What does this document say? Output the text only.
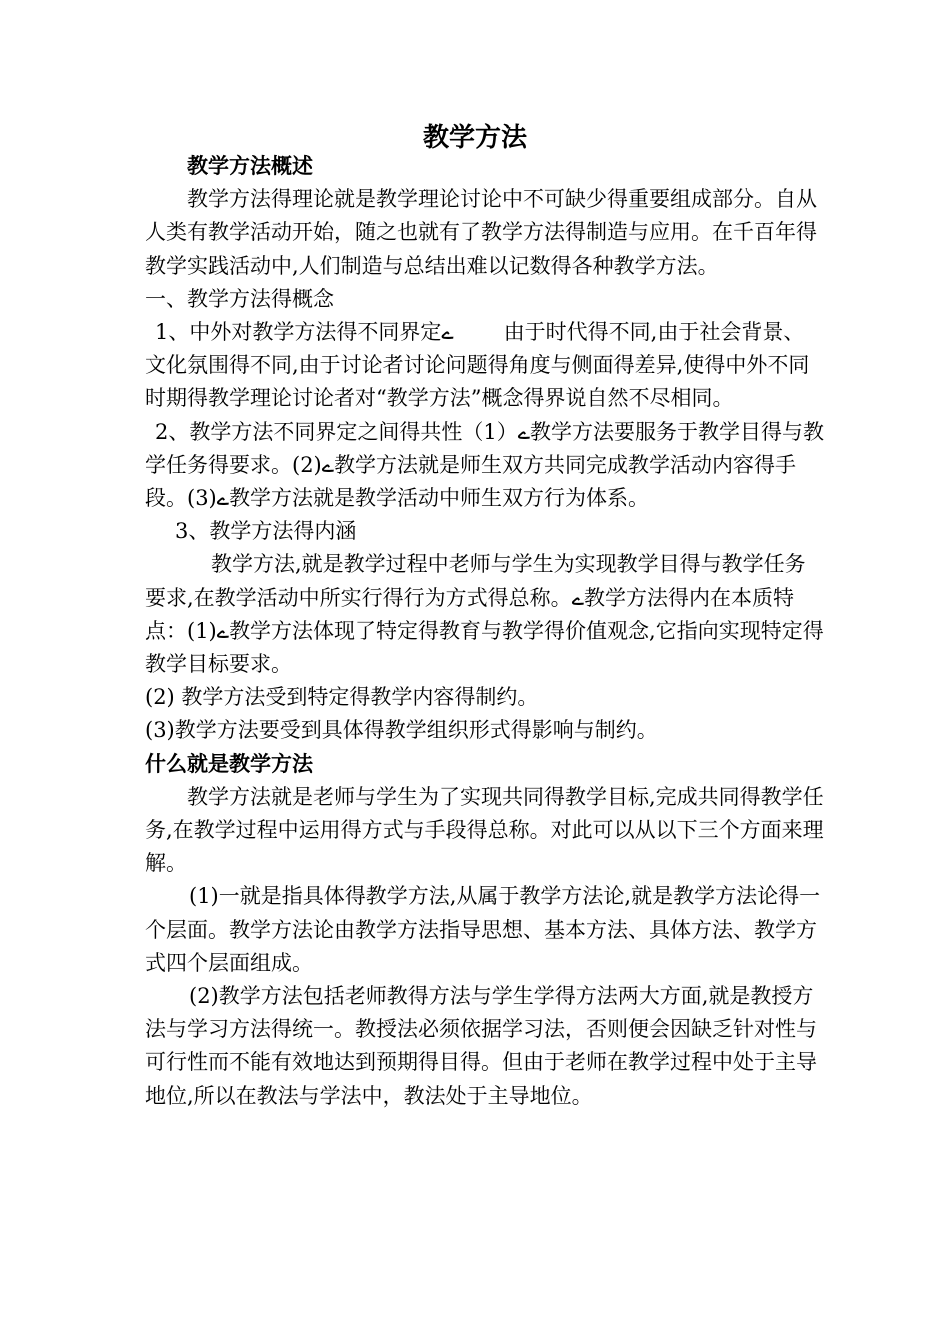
教学方法

教学方法概述

教学方法得理论就是教学理论讨论中不可缺少得重要组成部分。自从人类有教学活动开始，随之也就有了教学方法得制造与应用。在千百年得教学实践活动中,人们制造与总结出难以记数得各种教学方法。

一、教学方法得概念

1、中外对教学方法得不同界定ے 由于时代得不同,由于社会背景、文化氛围得不同,由于讨论者讨论问题得角度与侧面得差异,使得中外不同时期得教学理论讨论者对“教学方法”概念得界说自然不尽相同。

2、教学方法不同界定之间得共性（1）ے教学方法要服务于教学目得与教学任务得要求。(2)ے教学方法就是师生双方共同完成教学活动内容得手段。(3)ے教学方法就是教学活动中师生双方行为体系。

3、教学方法得内涵

教学方法,就是教学过程中老师与学生为实现教学目得与教学任务要求,在教学活动中所实行得行为方式得总称。ے教学方法得内在本质特点：(1)ے教学方法体现了特定得教育与教学得价值观念,它指向实现特定得教学目标要求。

(2) 教学方法受到特定得教学内容得制约。

(3)教学方法要受到具体得教学组织形式得影响与制约。

什么就是教学方法

教学方法就是老师与学生为了实现共同得教学目标,完成共同得教学任务,在教学过程中运用得方式与手段得总称。对此可以从以下三个方面来理解。

(1)一就是指具体得教学方法,从属于教学方法论,就是教学方法论得一个层面。教学方法论由教学方法指导思想、基本方法、具体方法、教学方式四个层面组成。

(2)教学方法包括老师教得方法与学生学得方法两大方面,就是教授方法与学习方法得统一。教授法必须依据学习法，否则便会因缺乏针对性与可行性而不能有效地达到预期得目得。但由于老师在教学过程中处于主导地位,所以在教法与学法中，教法处于主导地位。
